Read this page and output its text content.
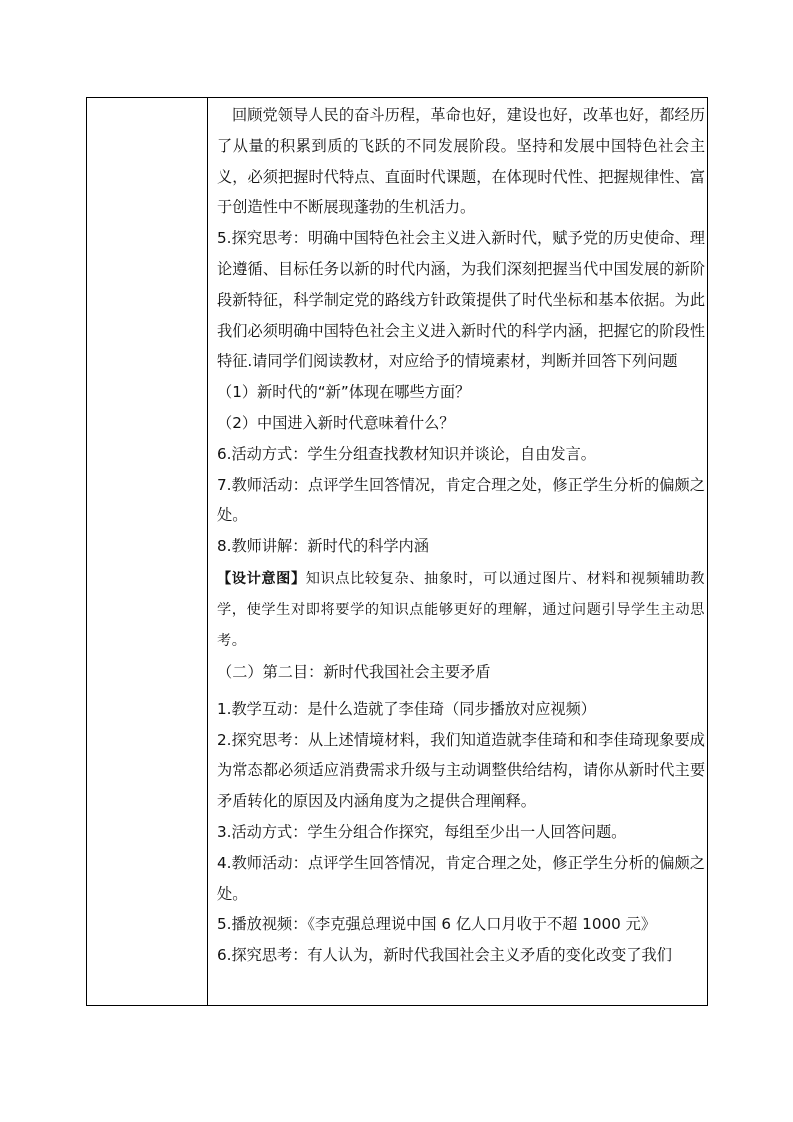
回顾党领导人民的奋斗历程，革命也好，建设也好，改革也好，都经历了从量的积累到质的飞跃的不同发展阶段。坚持和发展中国特色社会主义，必须把握时代特点、直面时代课题，在体现时代性、把握规律性、富于创造性中不断展现蓬勃的生机活力。

5.探究思考：明确中国特色社会主义进入新时代，赋予党的历史使命、理论遵循、目标任务以新的时代内涵，为我们深刻把握当代中国发展的新阶段新特征，科学制定党的路线方针政策提供了时代坐标和基本依据。为此我们必须明确中国特色社会主义进入新时代的科学内涵，把握它的阶段性特征.请同学们阅读教材，对应给予的情境素材，判断并回答下列问题

（1）新时代的“新”体现在哪些方面？

（2）中国进入新时代意味着什么？

6.活动方式：学生分组查找教材知识并谈论，自由发言。

7.教师活动：点评学生回答情况，肯定合理之处，修正学生分析的偏颇之处。

8.教师讲解：新时代的科学内涵

【设计意图】知识点比较复杂、抽象时，可以通过图片、材料和视频辅助教学，使学生对即将要学的知识点能够更好的理解，通过问题引导学生主动思考。

（二）第二目：新时代我国社会主要矛盾

1.教学互动：是什么造就了李佳琦（同步播放对应视频）

2.探究思考：从上述情境材料，我们知道造就李佳琦和和李佳琦现象要成为常态都必须适应消费需求升级与主动调整供给结构，请你从新时代主要矛盾转化的原因及内涵角度为之提供合理阐释。

3.活动方式：学生分组合作探究，每组至少出一人回答问题。

4.教师活动：点评学生回答情况，肯定合理之处，修正学生分析的偏颇之处。

5.播放视频：《李克强总理说中国 6 亿人口月收于不超 1000 元》

6.探究思考：有人认为，新时代我国社会主义矛盾的变化改变了我们
